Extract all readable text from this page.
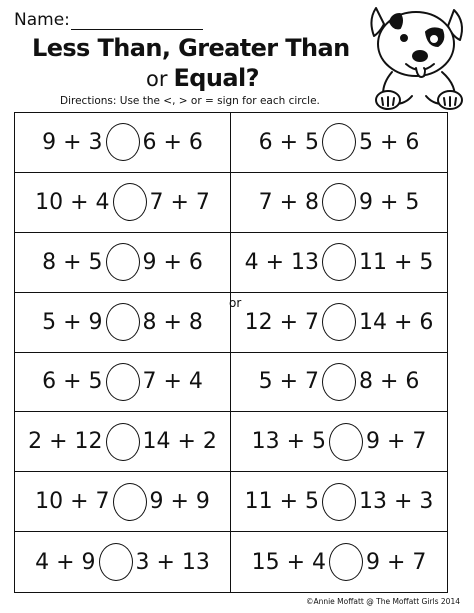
Name:
Less Than, Greater Than
or Equal?
Directions: Use the <, > or = sign for each circle.
9 + 3 6 + 6	6 + 5 5 + 6
10 + 4 7 + 7 7 + 8 9 + 5
8 + 5 9 + 6 4 + 13 11 + 5
5 + 9 8 + 8 12 + 7 14 + 6
6 + 5 7 + 4	5 + 7 8 + 6
2 + 12 14 + 2 13 + 5 9 + 7
10 + 7 9 + 9 11 + 5 13 + 3
4 + 9 3 + 13 15 + 4 9 + 7
or
©Annie Moffatt @ The Moffatt Girls 2014
